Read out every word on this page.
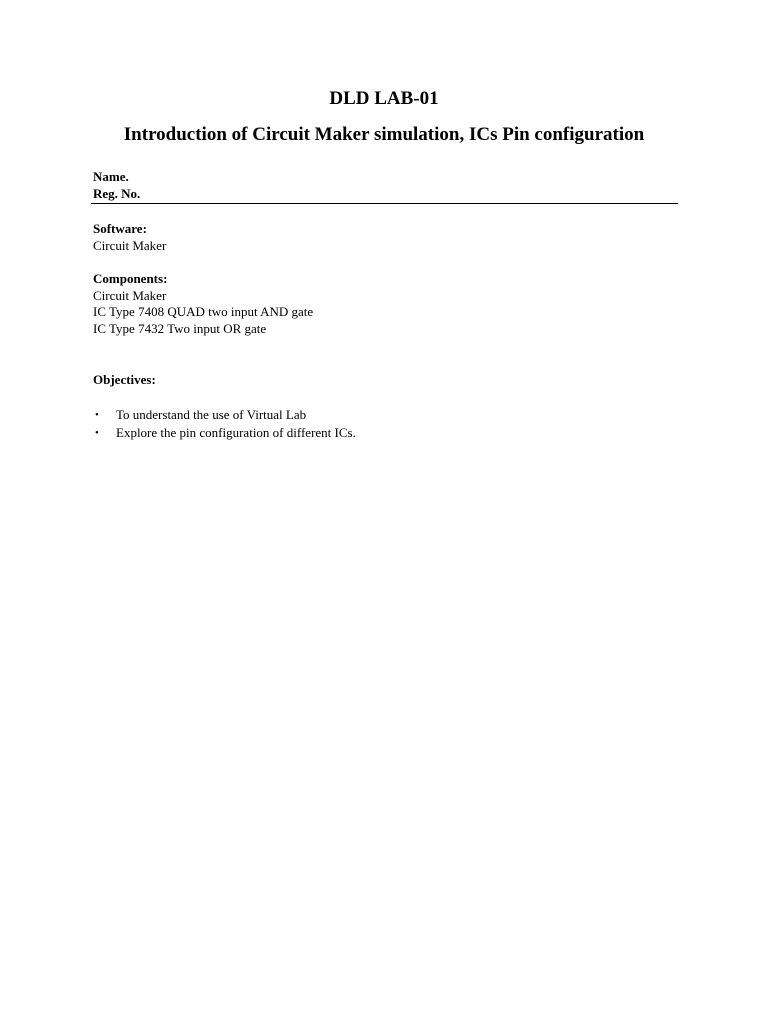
DLD LAB-01
Introduction of Circuit Maker simulation, ICs Pin configuration
Name.
Reg. No.
Software:
Circuit Maker
Components:
Circuit Maker
IC Type 7408 QUAD two input AND gate
IC Type 7432 Two input OR gate
Objectives:
• To understand the use of Virtual Lab
• Explore the pin configuration of different ICs.
